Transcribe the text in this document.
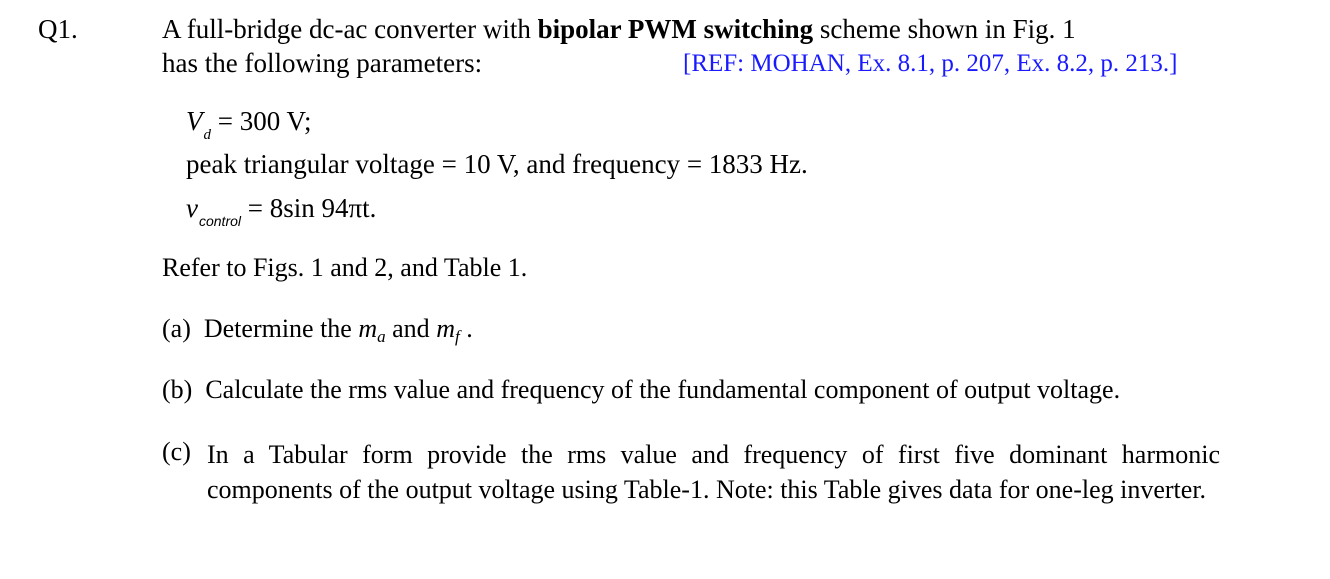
Q1.	A full-bridge dc-ac converter with bipolar PWM switching scheme shown in Fig. 1
has the following parameters:	[REF: MOHAN, Ex. 8.1, p. 207, Ex. 8.2, p. 213.]
$V_d = 300$ V;
peak triangular voltage = 10 V, and frequency = 1833 Hz.
$v_{control} = 8\sin$ 94πt.
Refer to Figs. 1 and 2, and Table 1.
(a) Determine the ma and mf .
(b) Calculate the rms value and frequency of the fundamental component of output voltage.
(c) In a Tabular form provide the rms value and frequency of first five dominant harmonic components of the output voltage using Table-1. Note: this Table gives data for one-leg inverter.
